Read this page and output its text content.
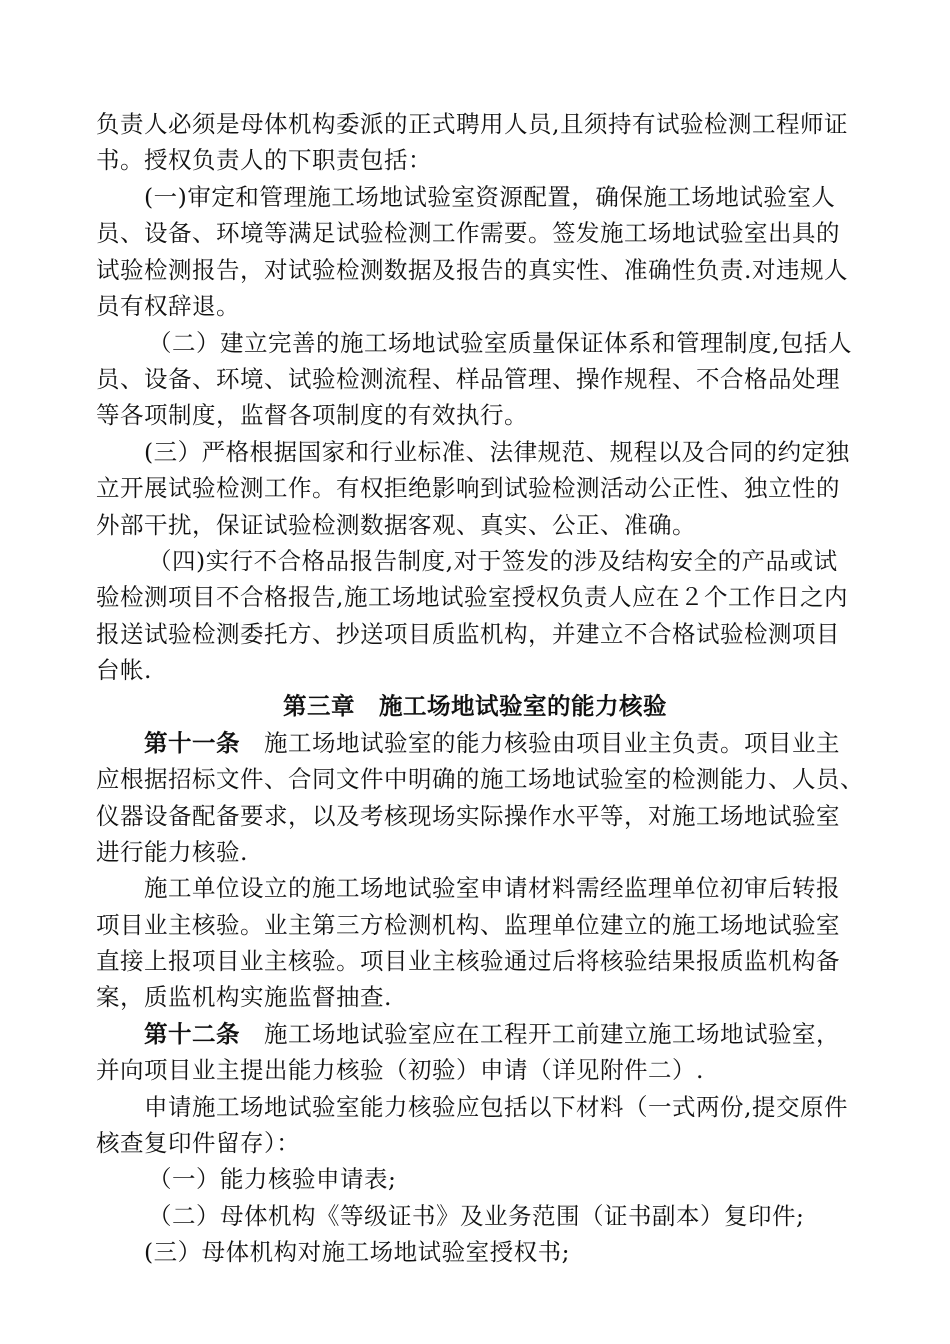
负责人必须是母体机构委派的正式聘用人员,且须持有试验检测工程师证
书。授权负责人的下职责包括：
(一)审定和管理施工场地试验室资源配置，确保施工场地试验室人
员、设备、环境等满足试验检测工作需要。签发施工场地试验室出具的
试验检测报告，对试验检测数据及报告的真实性、准确性负责.对违规人
员有权辞退。
（二）建立完善的施工场地试验室质量保证体系和管理制度,包括人
员、设备、环境、试验检测流程、样品管理、操作规程、不合格品处理
等各项制度，监督各项制度的有效执行。
(三）严格根据国家和行业标准、法律规范、规程以及合同的约定独
立开展试验检测工作。有权拒绝影响到试验检测活动公正性、独立性的
外部干扰，保证试验检测数据客观、真实、公正、准确。
（四)实行不合格品报告制度,对于签发的涉及结构安全的产品或试
验检测项目不合格报告,施工场地试验室授权负责人应在２个工作日之内
报送试验检测委托方、抄送项目质监机构，并建立不合格试验检测项目
台帐.
第三章　施工场地试验室的能力核验
第十一条 施工场地试验室的能力核验由项目业主负责。项目业主
应根据招标文件、合同文件中明确的施工场地试验室的检测能力、人员、
仪器设备配备要求，以及考核现场实际操作水平等，对施工场地试验室
进行能力核验.
施工单位设立的施工场地试验室申请材料需经监理单位初审后转报
项目业主核验。业主第三方检测机构、监理单位建立的施工场地试验室
直接上报项目业主核验。项目业主核验通过后将核验结果报质监机构备
案，质监机构实施监督抽查.
第十二条 施工场地试验室应在工程开工前建立施工场地试验室，
并向项目业主提出能力核验（初验）申请（详见附件二）.
申请施工场地试验室能力核验应包括以下材料（一式两份,提交原件
核查复印件留存）：
（一）能力核验申请表;
（二）母体机构《等级证书》及业务范围（证书副本）复印件;
(三）母体机构对施工场地试验室授权书;
